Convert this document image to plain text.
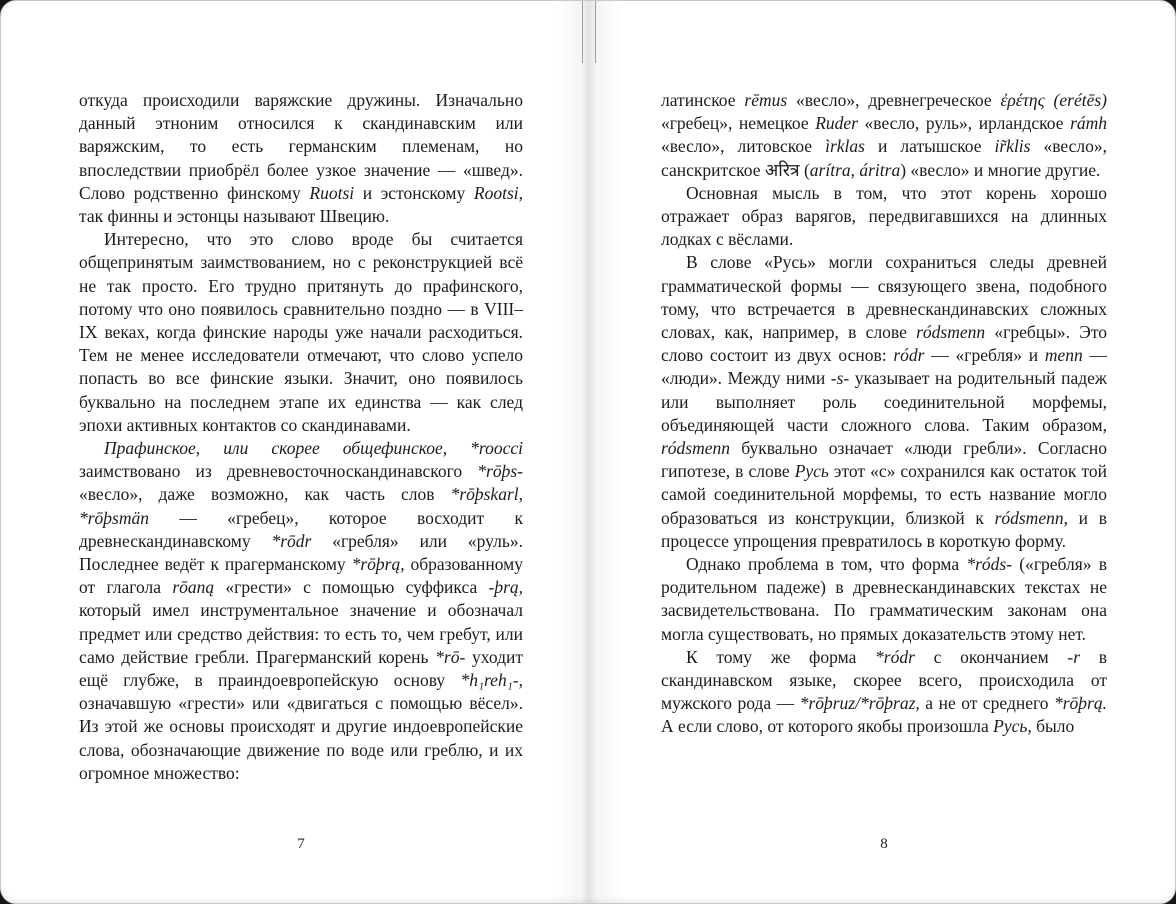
откуда происходили варяжские дружины. Изначально данный этноним относился к скандинавским или варяжским, то есть германским племенам, но впоследствии приобрёл более узкое значение — «швед». Слово родственно финскому Ruotsi и эстонскому Rootsi, так финны и эстонцы называют Швецию.

Интересно, что это слово вроде бы считается общепринятым заимствованием, но с реконструкцией всё не так просто. Его трудно притянуть до прафинского, потому что оно появилось сравнительно поздно — в VIII–IX веках, когда финские народы уже начали расходиться. Тем не менее исследователи отмечают, что слово успело попасть во все финские языки. Значит, оно появилось буквально на последнем этапе их единства — как след эпохи активных контактов со скандинавами.

Прафинское, или скорее общефинское, *roocci заимствовано из древневосточноскандинавского *rōþs- «весло», даже возможно, как часть слов *rōþskarl, *rōþsmän — «гребец», которое восходит к древнескандинавскому *rōdr «гребля» или «руль». Последнее ведёт к прагерманскому *rōþrą, образованному от глагола rōaną «грести» с помощью суффикса -þrą, который имел инструментальное значение и обозначал предмет или средство действия: то есть то, чем гребут, или само действие гребли. Прагерманский корень *rō- уходит ещё глубже, в праиндоевропейскую основу *h₁reh₁-, означавшую «грести» или «двигаться с помощью вёсел». Из этой же основы происходят и другие индоевропейские слова, обозначающие движение по воде или греблю, и их огромное множество:

7

латинское rēmus «весло», древнегреческое ἐρέτης (erétēs) «гребец», немецкое Ruder «весло, руль», ирландское rámh «весло», литовское ìrklas и латышское ir̃klis «весло», санскритское अरित्र (arítra, áritra) «весло» и многие другие.

Основная мысль в том, что этот корень хорошо отражает образ варягов, передвигавшихся на длинных лодках с вёслами.

В слове «Русь» могли сохраниться следы древней грамматической формы — связующего звена, подобного тому, что встречается в древнескандинавских сложных словах, как, например, в слове ródsmenn «гребцы». Это слово состоит из двух основ: ródr — «гребля» и menn — «люди». Между ними -s- указывает на родительный падеж или выполняет роль соединительной морфемы, объединяющей части сложного слова. Таким образом, ródsmenn буквально означает «люди гребли». Согласно гипотезе, в слове Русь этот «с» сохранился как остаток той самой соединительной морфемы, то есть название могло образоваться из конструкции, близкой к ródsmenn, и в процессе упрощения превратилось в короткую форму.

Однако проблема в том, что форма *róds- («гребля» в родительном падеже) в древнескандинавских текстах не засвидетельствована. По грамматическим законам она могла существовать, но прямых доказательств этому нет.

К тому же форма *ródr с окончанием -r в скандинавском языке, скорее всего, происходила от мужского рода — *rōþruz/*rōþraz, а не от среднего *rōþrą. А если слово, от которого якобы произошла Русь, было

8
